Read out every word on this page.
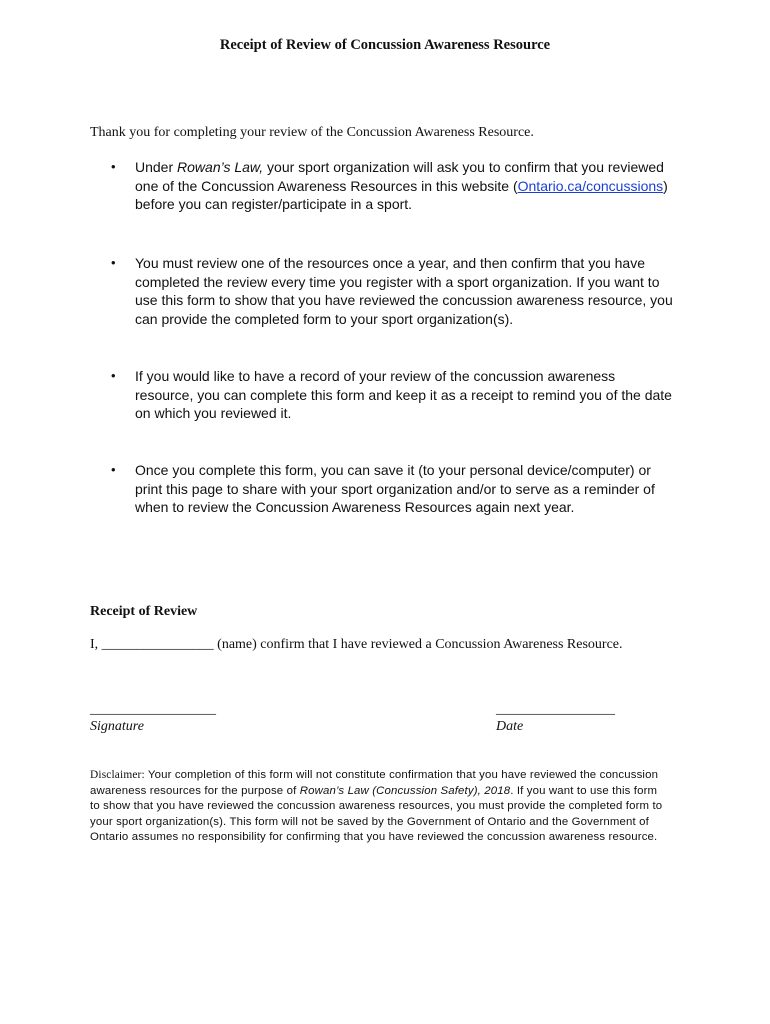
Receipt of Review of Concussion Awareness Resource
Thank you for completing your review of the Concussion Awareness Resource.
• Under Rowan’s Law, your sport organization will ask you to confirm that you reviewed one of the Concussion Awareness Resources in this website (Ontario.ca/concussions) before you can register/participate in a sport.
• You must review one of the resources once a year, and then confirm that you have completed the review every time you register with a sport organization. If you want to use this form to show that you have reviewed the concussion awareness resource, you can provide the completed form to your sport organization(s).
• If you would like to have a record of your review of the concussion awareness resource, you can complete this form and keep it as a receipt to remind you of the date on which you reviewed it.
• Once you complete this form, you can save it (to your personal device/computer) or print this page to share with your sport organization and/or to serve as a reminder of when to review the Concussion Awareness Resources again next year.
Receipt of Review
I, ________________ (name) confirm that I have reviewed a Concussion Awareness Resource.
__________________
Signature
_________________
Date
Disclaimer: Your completion of this form will not constitute confirmation that you have reviewed the concussion awareness resources for the purpose of Rowan’s Law (Concussion Safety), 2018. If you want to use this form to show that you have reviewed the concussion awareness resources, you must provide the completed form to your sport organization(s). This form will not be saved by the Government of Ontario and the Government of Ontario assumes no responsibility for confirming that you have reviewed the concussion awareness resource.
